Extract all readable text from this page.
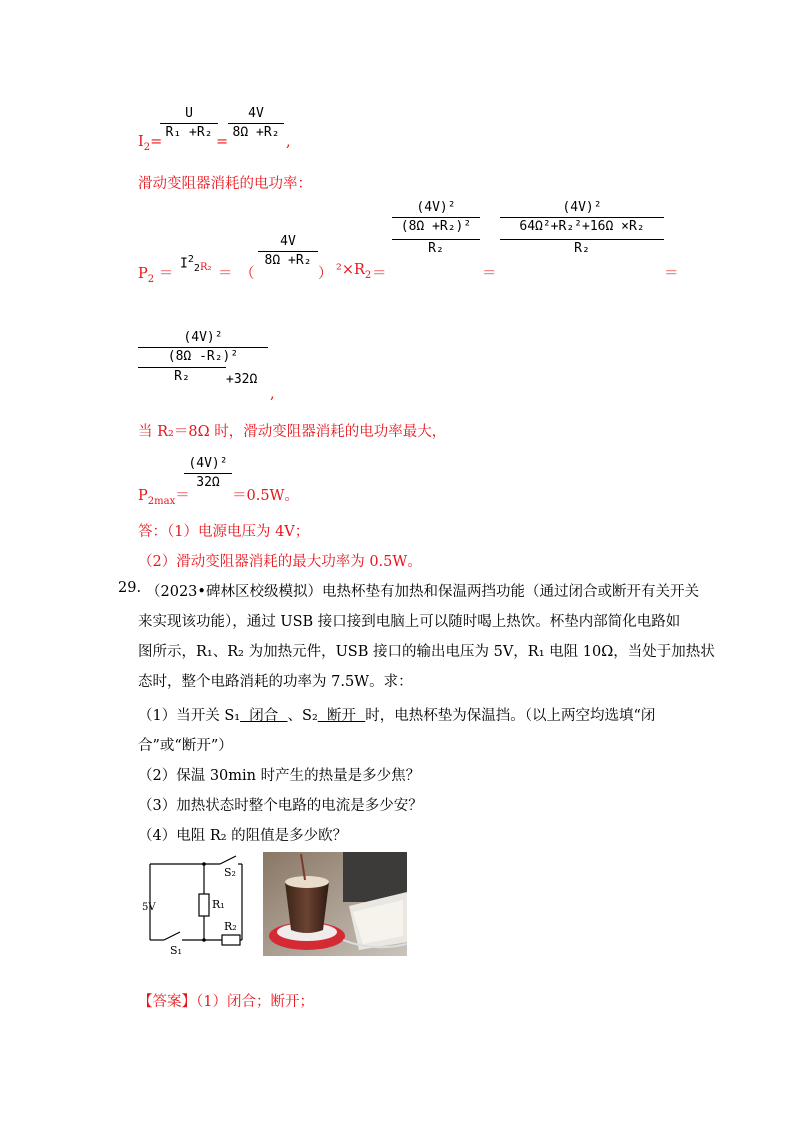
$I_2=$
U
R₁ +R₂
=
4V
8Ω +R₂
,
滑动变阻器消耗的电功率：
$P_2$ ＝
$I^2_2$ R₂ ＝ （
4V
8Ω +R₂
） $^2\times R_2$ ＝
(4V)²
(8Ω +R₂)²
R₂
＝
(4V)²
64Ω²+R₂²+16Ω ×R₂
R₂
＝
(4V)²
(8Ω -R₂)²
R₂	+32Ω
,
当 R₂＝8Ω 时，滑动变阻器消耗的电功率最大，
$P_{2max}=$
(4V)²
32Ω
＝0.5W。
答：（1）电源电压为 4V；
（2）滑动变阻器消耗的最大功率为 0.5W。
29. （2023•碑林区校级模拟）电热杯垫有加热和保温两挡功能（通过闭合或断开有关开关
来实现该功能），通过 USB 接口接到电脑上可以随时喝上热饮。杯垫内部简化电路如
图所示，R₁、R₂ 为加热元件，USB 接口的输出电压为 5V，R₁ 电阻 10Ω，当处于加热状
态时，整个电路消耗的功率为 7.5W。求：
（1）当开关 S₁  闭合  、S₂  断开  时，电热杯垫为保温挡。（以上两空均选填“闭
合”或“断开”）
（2）保温 30min 时产生的热量是多少焦？
（3）加热状态时整个电路的电流是多少安？
（4）电阻 R₂ 的阻值是多少欧？
5V	R₁
R₂
S₁
S₂
【答案】（1）闭合；断开；
